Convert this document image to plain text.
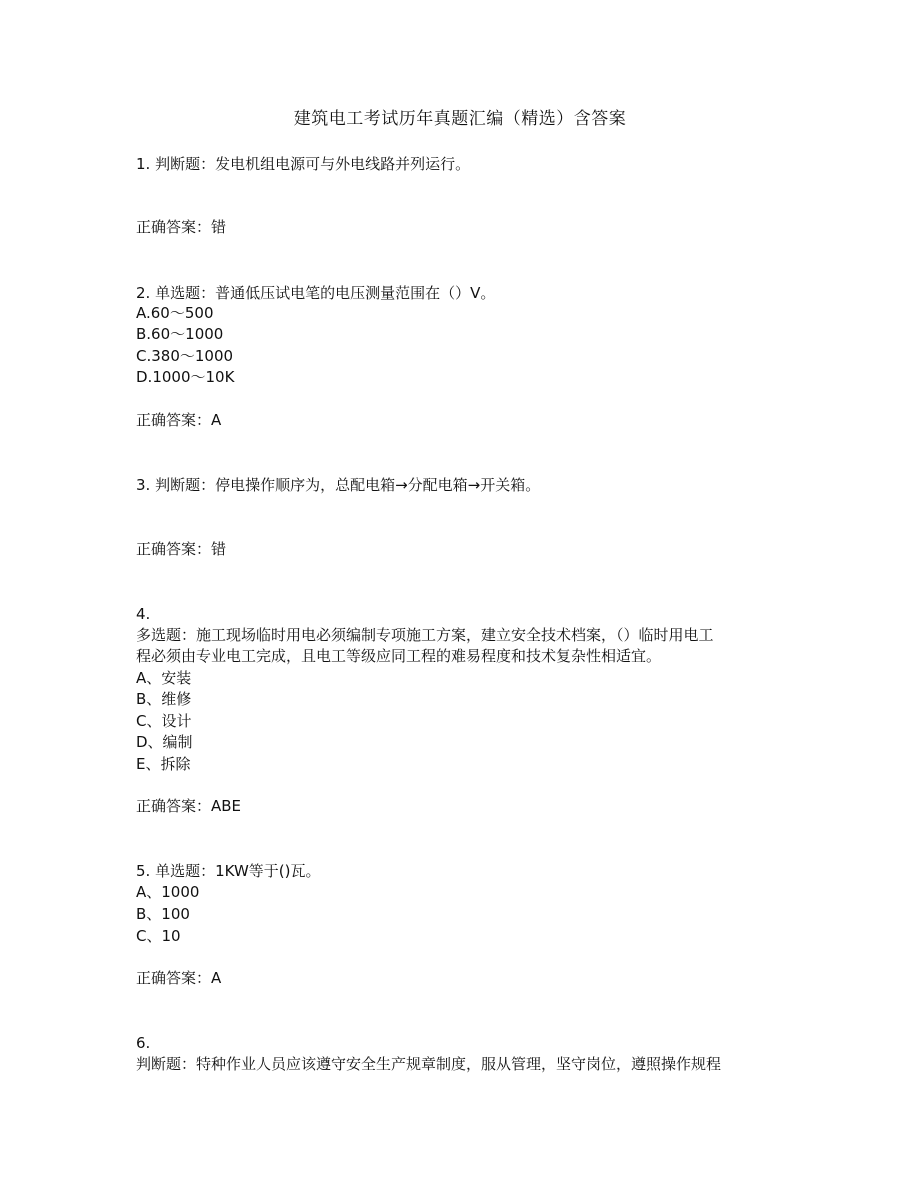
建筑电工考试历年真题汇编（精选）含答案
1. 判断题：发电机组电源可与外电线路并列运行。
正确答案：错
2. 单选题：普通低压试电笔的电压测量范围在（）V。
A.60～500
B.60～1000
C.380～1000
D.1000～10K
正确答案：A
3. 判断题：停电操作顺序为，总配电箱→分配电箱→开关箱。
正确答案：错
4.
多选题：施工现场临时用电必须编制专项施工方案，建立安全技术档案，（）临时用电工
程必须由专业电工完成，且电工等级应同工程的难易程度和技术复杂性相适宜。
A、安装
B、维修
C、设计
D、编制
E、拆除
正确答案：ABE
5. 单选题：1KW等于()瓦。
A、1000
B、100
C、10
正确答案：A
6.
判断题：特种作业人员应该遵守安全生产规章制度，服从管理，坚守岗位，遵照操作规程
